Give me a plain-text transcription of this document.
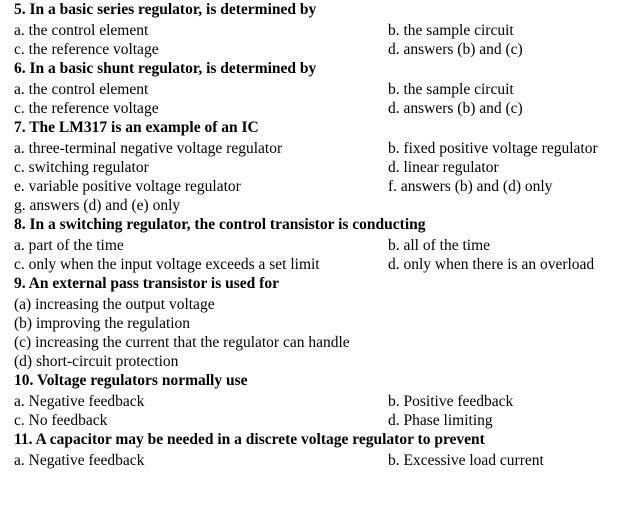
5. In a basic series regulator, is determined by
a. the control element	b. the sample circuit
c. the reference voltage	d. answers (b) and (c)
6. In a basic shunt regulator, is determined by
a. the control element	b. the sample circuit
c. the reference voltage	d. answers (b) and (c)
7. The LM317 is an example of an IC
a. three-terminal negative voltage regulator	b. fixed positive voltage regulator
c. switching regulator	d. linear regulator
e. variable positive voltage regulator	f. answers (b) and (d) only
g. answers (d) and (e) only
8. In a switching regulator, the control transistor is conducting
a. part of the time	b. all of the time
c. only when the input voltage exceeds a set limit	d. only when there is an overload
9. An external pass transistor is used for
(a) increasing the output voltage
(b) improving the regulation
(c) increasing the current that the regulator can handle
(d) short-circuit protection
10. Voltage regulators normally use
a. Negative feedback	b. Positive feedback
c. No feedback	d. Phase limiting
11. A capacitor may be needed in a discrete voltage regulator to prevent
a. Negative feedback	b. Excessive load current
